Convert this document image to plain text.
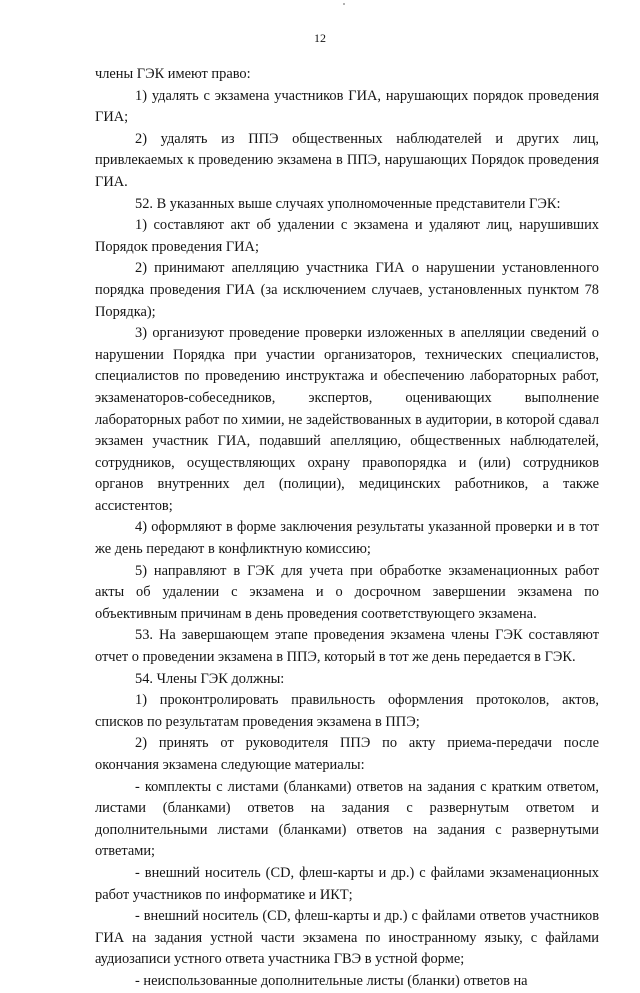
12

члены ГЭК имеют право:

1) удалять с экзамена участников ГИА, нарушающих порядок проведения ГИА;

2) удалять из ППЭ общественных наблюдателей и других лиц, привлекаемых к проведению экзамена в ППЭ, нарушающих Порядок проведения ГИА.

52. В указанных выше случаях уполномоченные представители ГЭК:

1) составляют акт об удалении с экзамена и удаляют лиц, нарушивших Порядок проведения ГИА;

2) принимают апелляцию участника ГИА о нарушении установленного порядка проведения ГИА (за исключением случаев, установленных пунктом 78 Порядка);

3) организуют проведение проверки изложенных в апелляции сведений о нарушении Порядка при участии организаторов, технических специалистов, специалистов по проведению инструктажа и обеспечению лабораторных работ, экзаменаторов-собеседников, экспертов, оценивающих выполнение лабораторных работ по химии, не задействованных в аудитории, в которой сдавал экзамен участник ГИА, подавший апелляцию, общественных наблюдателей, сотрудников, осуществляющих охрану правопорядка и (или) сотрудников органов внутренних дел (полиции), медицинских работников, а также ассистентов;

4) оформляют в форме заключения результаты указанной проверки и в тот же день передают в конфликтную комиссию;

5) направляют в ГЭК для учета при обработке экзаменационных работ акты об удалении с экзамена и о досрочном завершении экзамена по объективным причинам в день проведения соответствующего экзамена.

53. На завершающем этапе проведения экзамена члены ГЭК составляют отчет о проведении экзамена в ППЭ, который в тот же день передается в ГЭК.

54. Члены ГЭК должны:

1) проконтролировать правильность оформления протоколов, актов, списков по результатам проведения экзамена в ППЭ;

2) принять от руководителя ППЭ по акту приема-передачи после окончания экзамена следующие материалы:

- комплекты с листами (бланками) ответов на задания с кратким ответом, листами (бланками) ответов на задания с развернутым ответом и дополнительными листами (бланками) ответов на задания с развернутыми ответами;

- внешний носитель (CD, флеш-карты и др.) с файлами экзаменационных работ участников по информатике и ИКТ;

- внешний носитель (CD, флеш-карты и др.) с файлами ответов участников ГИА на задания устной части экзамена по иностранному языку, с файлами аудиозаписи устного ответа участника ГВЭ в устной форме;

- неиспользованные дополнительные листы (бланки) ответов на
